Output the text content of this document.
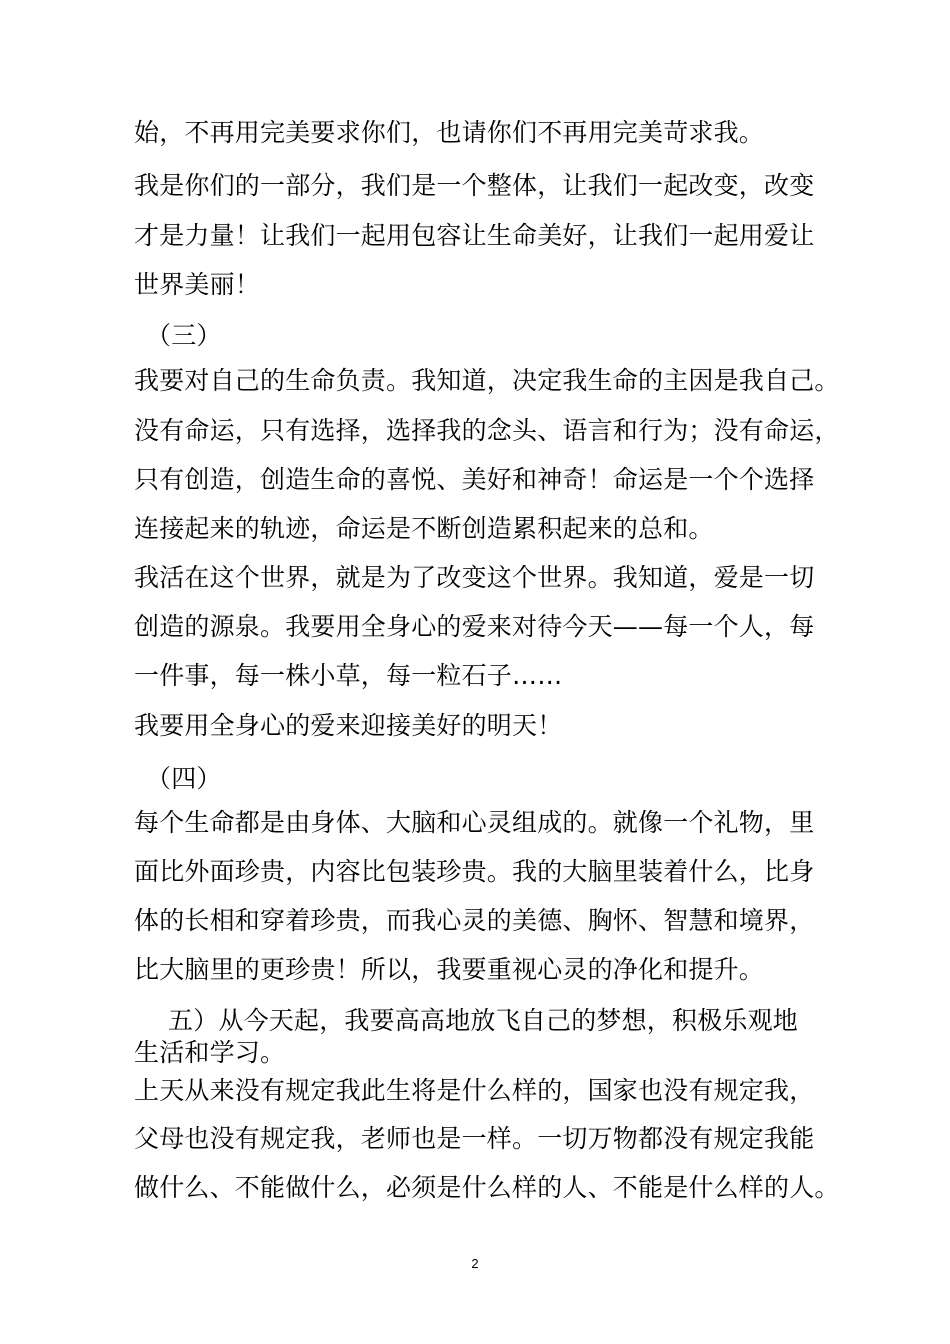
始，不再用完美要求你们，也请你们不再用完美苛求我。
我是你们的一部分，我们是一个整体，让我们一起改变，改变
才是力量！让我们一起用包容让生命美好，让我们一起用爱让
世界美丽！
（三）
我要对自己的生命负责。我知道，决定我生命的主因是我自己。
没有命运，只有选择，选择我的念头、语言和行为；没有命运，
只有创造，创造生命的喜悦、美好和神奇！命运是一个个选择
连接起来的轨迹，命运是不断创造累积起来的总和。
我活在这个世界，就是为了改变这个世界。我知道，爱是一切
创造的源泉。我要用全身心的爱来对待今天——每一个人，每
一件事，每一株小草，每一粒石子……
我要用全身心的爱来迎接美好的明天！
（四）
每个生命都是由身体、大脑和心灵组成的。就像一个礼物，里
面比外面珍贵，内容比包装珍贵。我的大脑里装着什么，比身
体的长相和穿着珍贵，而我心灵的美德、胸怀、智慧和境界，
比大脑里的更珍贵！所以，我要重视心灵的净化和提升。
五）从今天起，我要高高地放飞自己的梦想，积极乐观地
生活和学习。
上天从来没有规定我此生将是什么样的，国家也没有规定我，
父母也没有规定我，老师也是一样。一切万物都没有规定我能
做什么、不能做什么，必须是什么样的人、不能是什么样的人。
2
